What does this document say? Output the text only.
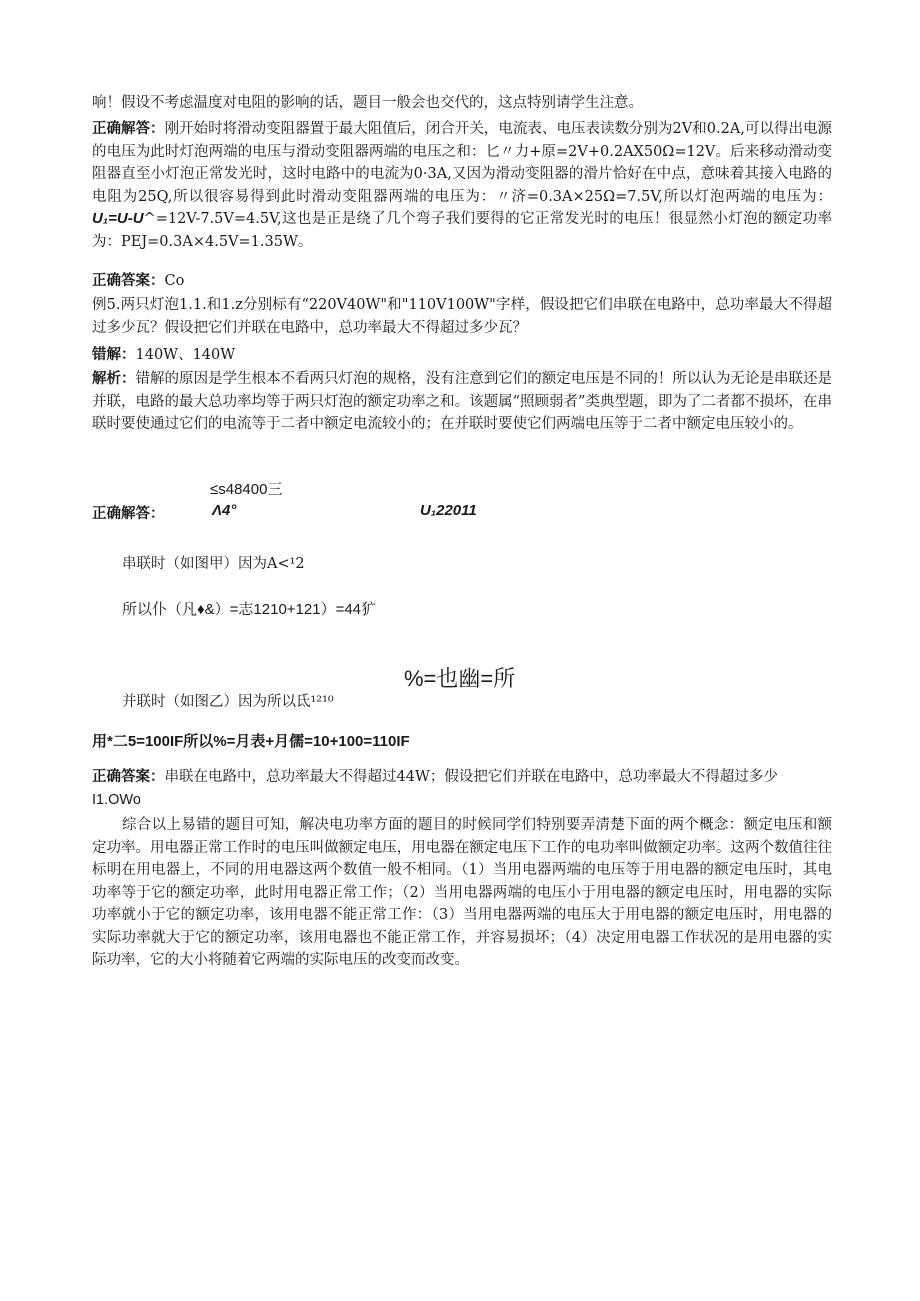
响！假设不考虑温度对电阻的影响的话，题目一般会也交代的，这点特别请学生注意。

正确解答：刚开始时将滑动变阻器置于最大阻值后，闭合开关，电流表、电压表读数分别为2V和0.2A,可以得出电源的电压为此时灯泡两端的电压与滑动变阻器两端的电压之和：匕〃力+原=2V+0.2AX50Ω=12V。后来移动滑动变阻器直至小灯泡正常发光时，这时电路中的电流为0·3A,又因为滑动变阻器的滑片恰好在中点，意味着其接入电路的电阻为25Q,所以很容易得到此时滑动变阻器两端的电压为：〃济=0.3A×25Ω=7.5V,所以灯泡两端的电压为：U₁=U-U^=12V-7.5V=4.5V,这也是正是绕了几个弯子我们要得的它正常发光时的电压！很显然小灯泡的额定功率为：PEJ=0.3A×4.5V=1.35W。

正确答案：Co

例5.两只灯泡1.1.和1.z分别标有“220V40W"和"110V100W"字样，假设把它们串联在电路中，总功率最大不得超过多少瓦？假设把它们并联在电路中，总功率最大不得超过多少瓦？

错解：140W、140W

解析：错解的原因是学生根本不看两只灯泡的规格，没有注意到它们的额定电压是不同的！所以认为无论是串联还是并联，电路的最大总功率均等于两只灯泡的额定功率之和。该题属“照顾弱者”类典型题，即为了二者都不损坏，在串联时要使通过它们的电流等于二者中额定电流较小的；在并联时要使它们两端电压等于二者中额定电压较小的。

≤s48400三

正确解答：	Λ4°	U₁22011

串联时（如图甲）因为A<¹2

所以仆（凡♦&）=志1210+121）=44犷

%=也幽=所

并联时（如图乙）因为所以氐¹²¹⁰

用*二5=100IF所以%=月表+月儒=10+100=110IF

正确答案：串联在电路中，总功率最大不得超过44W；假设把它们并联在电路中，总功率最大不得超过多少
I1.OWo

综合以上易错的题目可知，解决电功率方面的题目的时候同学们特别要弄清楚下面的两个概念：额定电压和额定功率。用电器正常工作时的电压叫做额定电压，用电器在额定电压下工作的电功率叫做额定功率。这两个数值往往标明在用电器上，不同的用电器这两个数值一般不相同。（1）当用电器两端的电压等于用电器的额定电压时，其电功率等于它的额定功率，此时用电器正常工作；（2）当用电器两端的电压小于用电器的额定电压时，用电器的实际功率就小于它的额定功率，该用电器不能正常工作：（3）当用电器两端的电压大于用电器的额定电压时，用电器的实际功率就大于它的额定功率，该用电器也不能正常工作，并容易损坏；（4）决定用电器工作状况的是用电器的实际功率，它的大小将随着它两端的实际电压的改变而改变。
